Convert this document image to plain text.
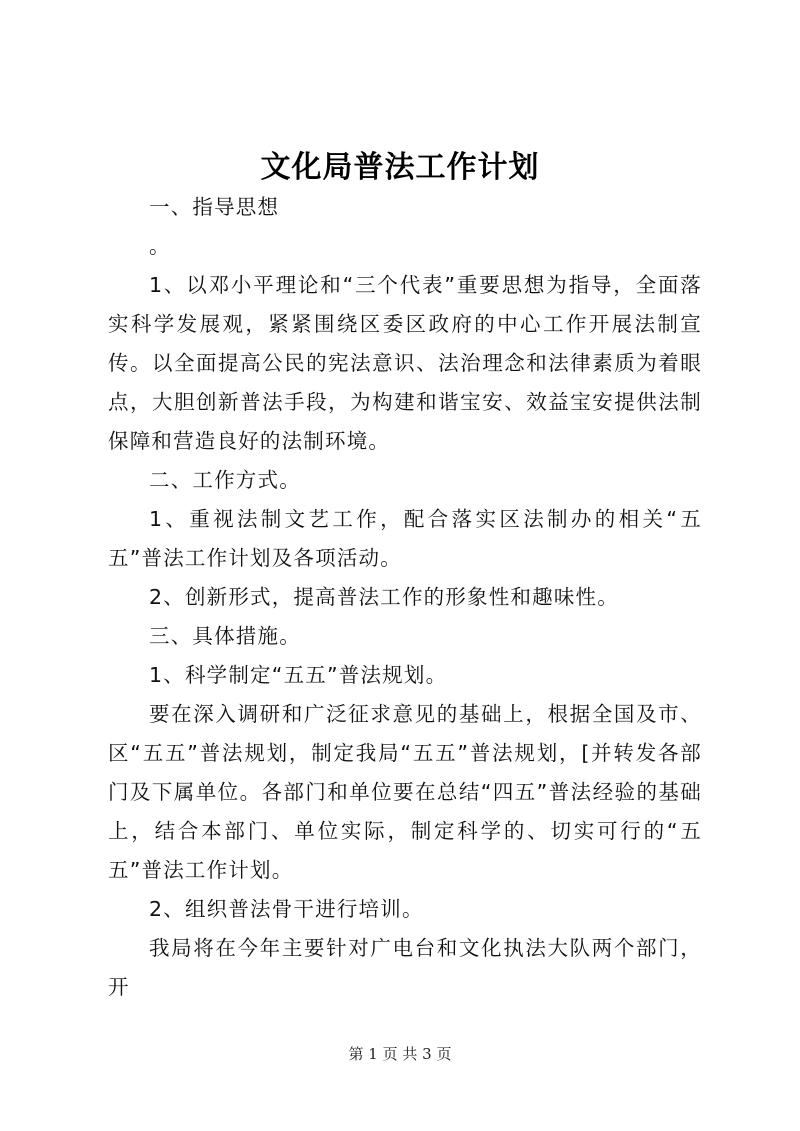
文化局普法工作计划

一、指导思想

。

1、以邓小平理论和“三个代表”重要思想为指导，全面落实科学发展观，紧紧围绕区委区政府的中心工作开展法制宣传。以全面提高公民的宪法意识、法治理念和法律素质为着眼点，大胆创新普法手段，为构建和谐宝安、效益宝安提供法制保障和营造良好的法制环境。

二、工作方式。

1、重视法制文艺工作，配合落实区法制办的相关“五五”普法工作计划及各项活动。

2、创新形式，提高普法工作的形象性和趣味性。

三、具体措施。

1、科学制定“五五”普法规划。

要在深入调研和广泛征求意见的基础上，根据全国及市、区“五五”普法规划，制定我局“五五”普法规划，[并转发各部门及下属单位。各部门和单位要在总结“四五”普法经验的基础上，结合本部门、单位实际，制定科学的、切实可行的“五五”普法工作计划。

2、组织普法骨干进行培训。

我局将在今年主要针对广电台和文化执法大队两个部门，开

第 1 页 共 3 页
